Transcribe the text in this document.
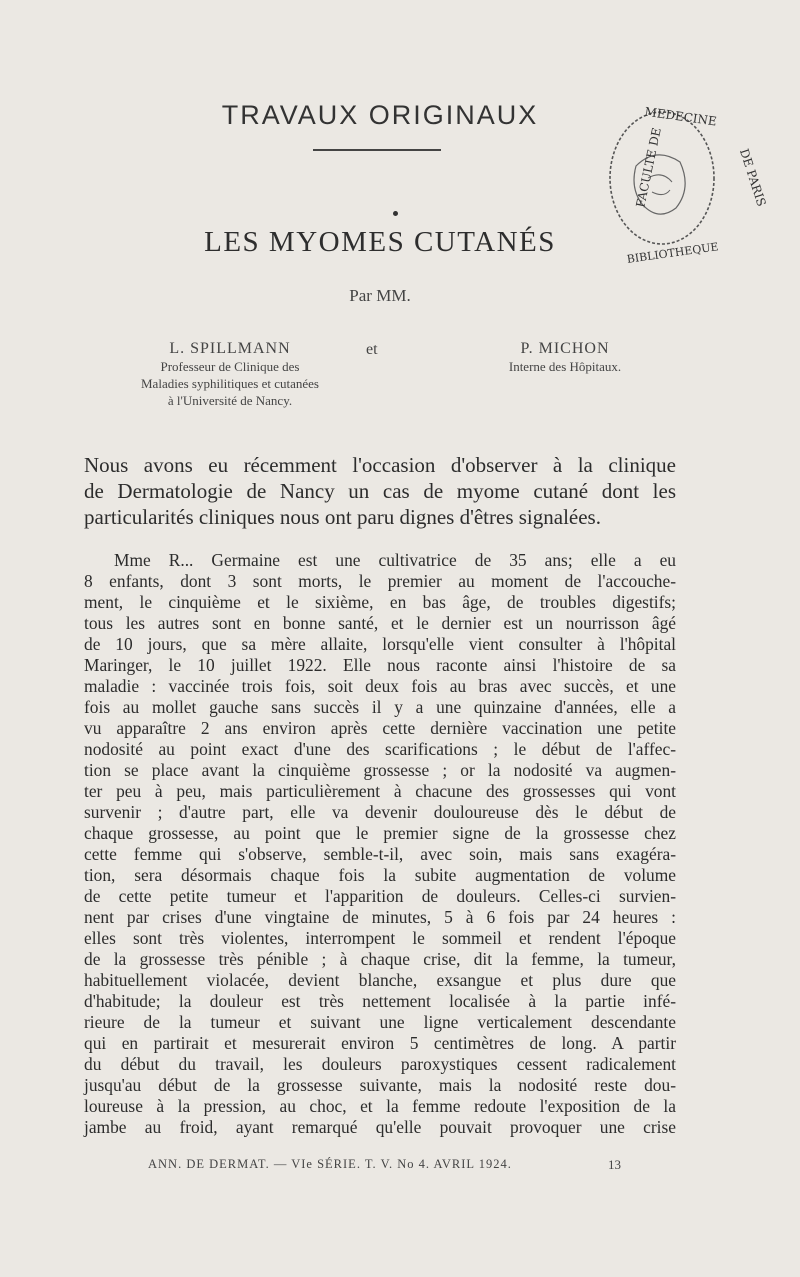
TRAVAUX ORIGINAUX	MEDECINE
FACULTE DE	DE PARIS
BIBLIOTHEQUE
LES MYOMES CUTANÉS
Par MM.
L. SPILLMANN
Professeur de Clinique des
Maladies syphilitiques et cutanées
à l'Université de Nancy.
et	P. MICHON
Interne des Hôpitaux.
Nous avons eu récemment l'occasion d'observer à la clinique
de Dermatologie de Nancy un cas de myome cutané dont les
particularités cliniques nous ont paru dignes d'êtres signalées.
Mme R... Germaine est une cultivatrice de 35 ans; elle a eu
8 enfants, dont 3 sont morts, le premier au moment de l'accouche-
ment, le cinquième et le sixième, en bas âge, de troubles digestifs;
tous les autres sont en bonne santé, et le dernier est un nourrisson âgé
de 10 jours, que sa mère allaite, lorsqu'elle vient consulter à l'hôpital
Maringer, le 10 juillet 1922. Elle nous raconte ainsi l'histoire de sa
maladie : vaccinée trois fois, soit deux fois au bras avec succès, et une
fois au mollet gauche sans succès il y a une quinzaine d'années, elle a
vu apparaître 2 ans environ après cette dernière vaccination une petite
nodosité au point exact d'une des scarifications ; le début de l'affec-
tion se place avant la cinquième grossesse ; or la nodosité va augmen-
ter peu à peu, mais particulièrement à chacune des grossesses qui vont
survenir ; d'autre part, elle va devenir douloureuse dès le début de
chaque grossesse, au point que le premier signe de la grossesse chez
cette femme qui s'observe, semble-t-il, avec soin, mais sans exagéra-
tion, sera désormais chaque fois la subite augmentation de volume
de cette petite tumeur et l'apparition de douleurs. Celles-ci survien-
nent par crises d'une vingtaine de minutes, 5 à 6 fois par 24 heures :
elles sont très violentes, interrompent le sommeil et rendent l'époque
de la grossesse très pénible ; à chaque crise, dit la femme, la tumeur,
habituellement violacée, devient blanche, exsangue et plus dure que
d'habitude; la douleur est très nettement localisée à la partie infé-
rieure de la tumeur et suivant une ligne verticalement descendante
qui en partirait et mesurerait environ 5 centimètres de long. A partir
du début du travail, les douleurs paroxystiques cessent radicalement
jusqu'au début de la grossesse suivante, mais la nodosité reste dou-
loureuse à la pression, au choc, et la femme redoute l'exposition de la
jambe au froid, ayant remarqué qu'elle pouvait provoquer une crise
ANN. DE DERMAT. — VIe SÉRIE. T. V. No 4. AVRIL 1924.	13
